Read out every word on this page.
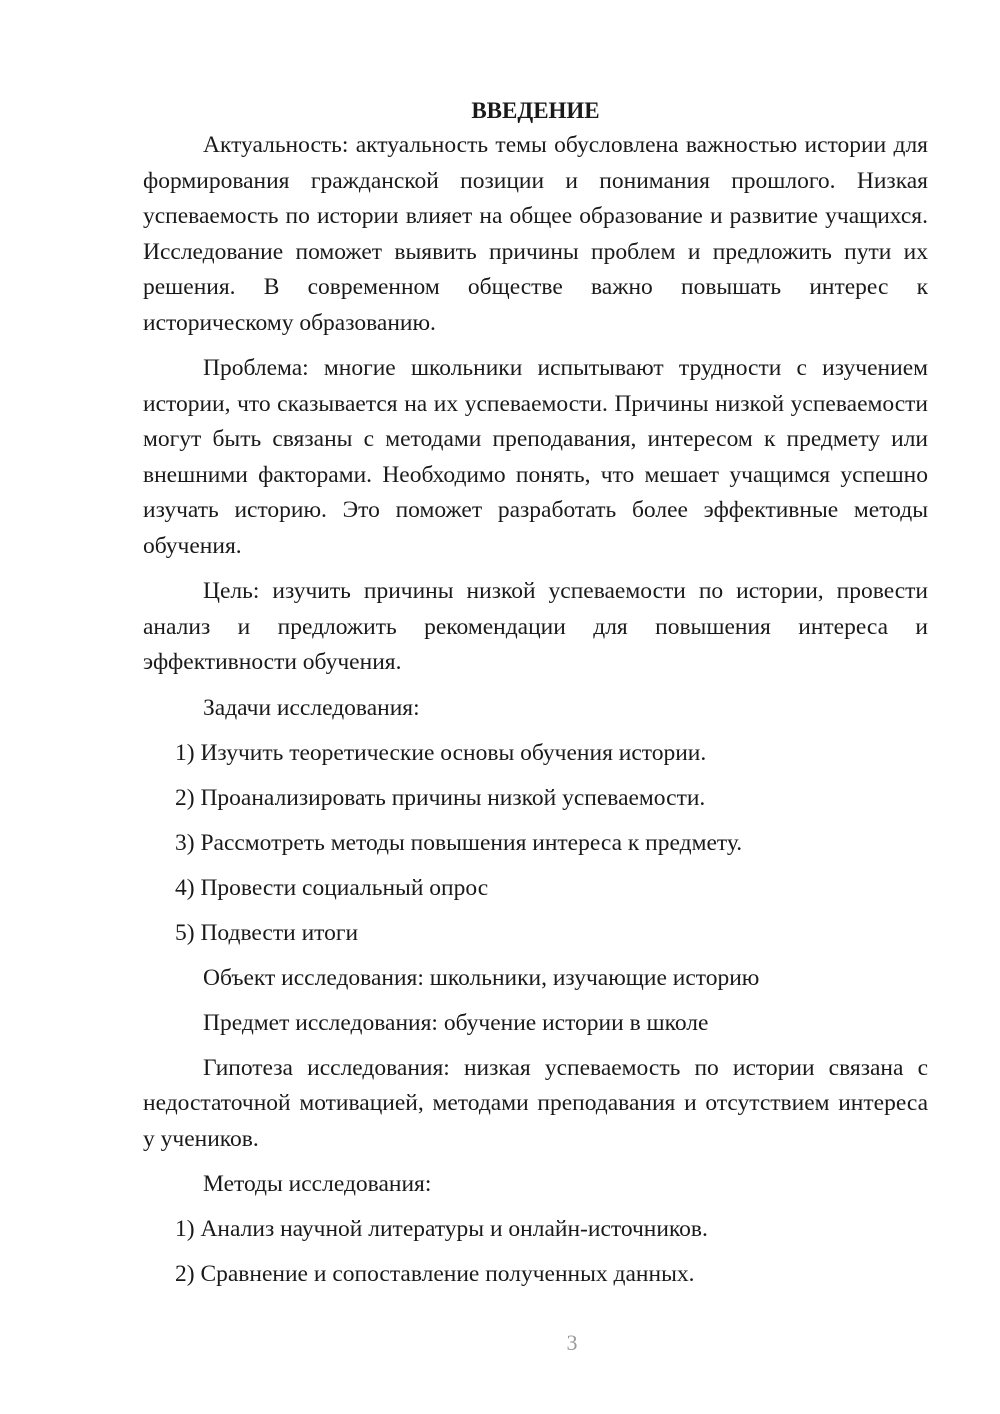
ВВЕДЕНИЕ

Актуальность: актуальность темы обусловлена важностью истории для формирования гражданской позиции и понимания прошлого. Низкая успеваемость по истории влияет на общее образование и развитие учащихся. Исследование поможет выявить причины проблем и предложить пути их решения. В современном обществе важно повышать интерес к историческому образованию.

Проблема: многие школьники испытывают трудности с изучением истории, что сказывается на их успеваемости. Причины низкой успеваемости могут быть связаны с методами преподавания, интересом к предмету или внешними факторами. Необходимо понять, что мешает учащимся успешно изучать историю. Это поможет разработать более эффективные методы обучения.

Цель: изучить причины низкой успеваемости по истории, провести анализ и предложить рекомендации для повышения интереса и эффективности обучения.

Задачи исследования:

1) Изучить теоретические основы обучения истории.
2) Проанализировать причины низкой успеваемости.
3) Рассмотреть методы повышения интереса к предмету.
4) Провести социальный опрос
5) Подвести итоги

Объект исследования: школьники, изучающие историю

Предмет исследования: обучение истории в школе

Гипотеза исследования: низкая успеваемость по истории связана с недостаточной мотивацией, методами преподавания и отсутствием интереса у учеников.

Методы исследования:

1) Анализ научной литературы и онлайн-источников.
2) Сравнение и сопоставление полученных данных.
3
